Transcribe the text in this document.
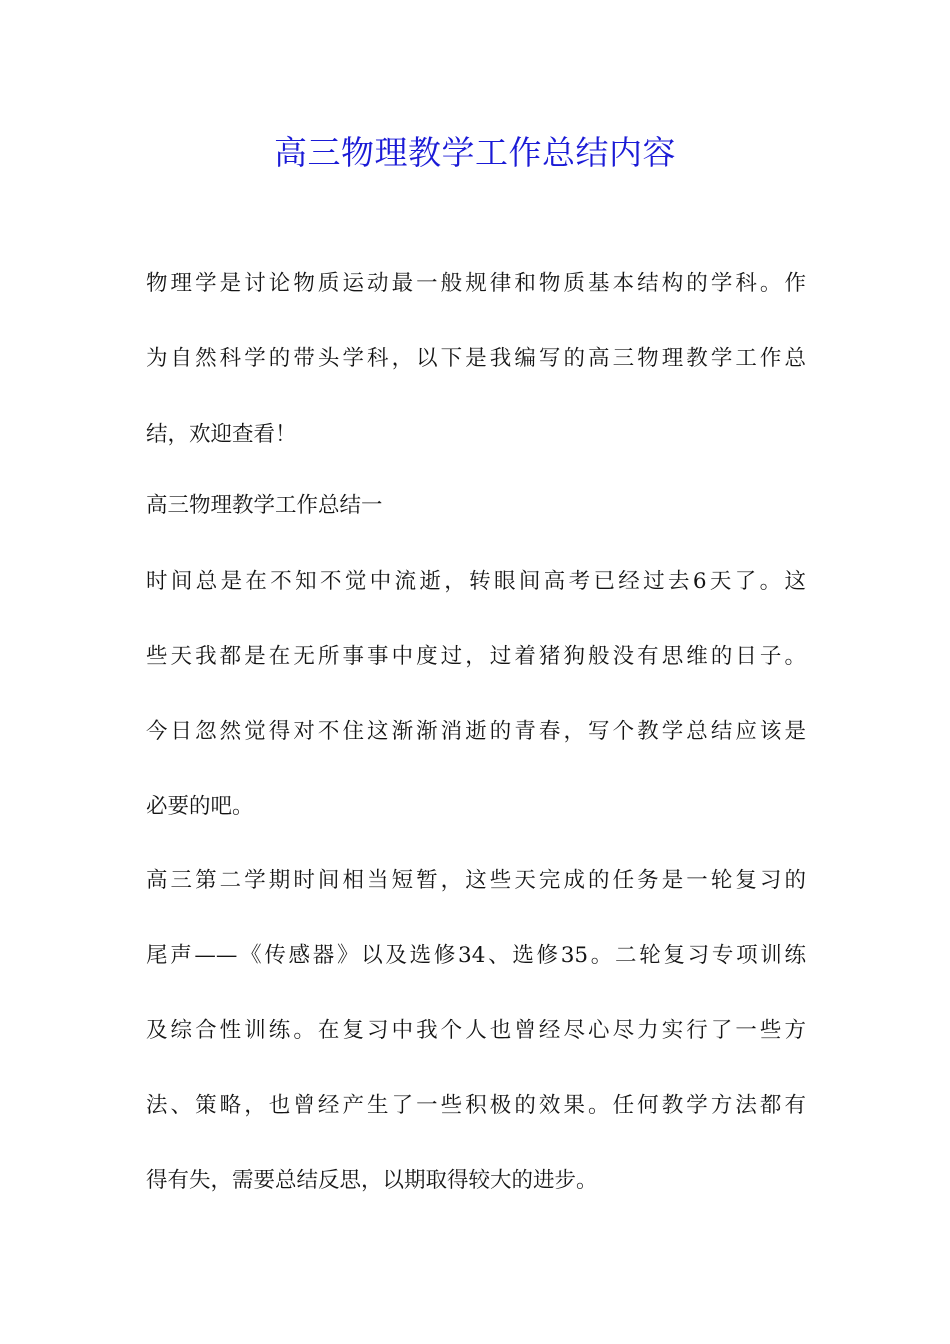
高三物理教学工作总结内容
物理学是讨论物质运动最一般规律和物质基本结构的学科。作
为自然科学的带头学科，以下是我编写的高三物理教学工作总
结，欢迎查看！
高三物理教学工作总结一
时间总是在不知不觉中流逝，转眼间高考已经过去6天了。这
些天我都是在无所事事中度过，过着猪狗般没有思维的日子。
今日忽然觉得对不住这渐渐消逝的青春，写个教学总结应该是
必要的吧。
高三第二学期时间相当短暂，这些天完成的任务是一轮复习的
尾声——《传感器》以及选修34、选修35。二轮复习专项训练
及综合性训练。在复习中我个人也曾经尽心尽力实行了一些方
法、策略，也曾经产生了一些积极的效果。任何教学方法都有
得有失，需要总结反思，以期取得较大的进步。
